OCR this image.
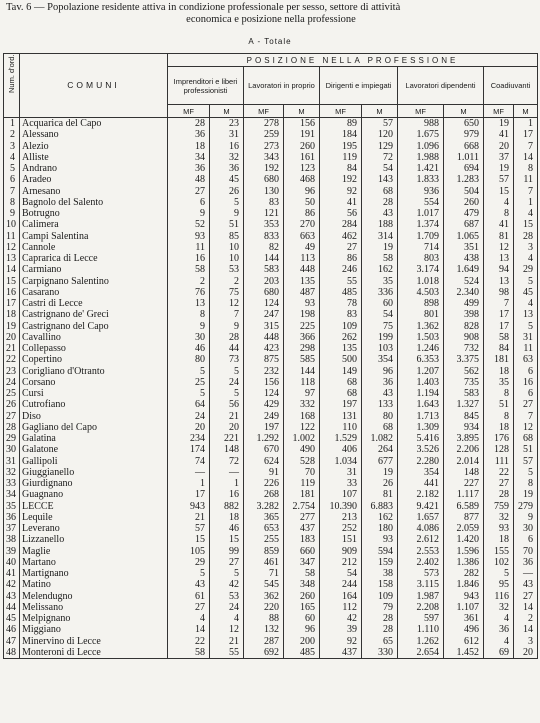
Tav. 6 — Popolazione residente attiva in condizione professionale per sesso, settore di attività
economica e posizione nella professione
A - Totale
Num. d'ord.	COMUNI	POSIZIONE NELLA PROFESSIONE									
		Imprenditori e liberi professionisti		Lavoratori in proprio		Dirigenti e impiegati		Lavoratori dipendenti		Coadiuvanti	
		MF	M	MF	M	MF	M	MF	M	MF	M
1	Acquarica del Capo	28	23	278	156	89	57	988	650	19	1
2	Alessano	36	31	259	191	184	120	1.675	979	41	17
3	Alezio	18	16	273	260	195	129	1.096	668	20	7
4	Alliste	34	32	343	161	119	72	1.988	1.011	37	14
5	Andrano	36	36	192	123	84	54	1.421	694	19	8
6	Aradeo	48	45	680	468	192	143	1.833	1.283	57	11
7	Arnesano	27	26	130	96	92	68	936	504	15	7
8	Bagnolo del Salento	6	5	83	50	41	28	554	260	4	1
9	Botrugno	9	9	121	86	56	43	1.017	479	8	4
10	Calimera	52	51	353	270	284	188	1.374	687	41	15
11	Campi Salentina	93	85	833	663	462	314	1.709	1.065	81	28
12	Cannole	11	10	82	49	27	19	714	351	12	3
13	Caprarica di Lecce	16	10	144	113	86	58	803	438	13	4
14	Carmiano	58	53	583	448	246	162	3.174	1.649	94	29
15	Carpignano Salentino	2	2	203	135	55	35	1.018	524	13	5
16	Casarano	76	75	680	487	485	336	4.503	2.340	98	45
17	Castri di Lecce	13	12	124	93	78	60	898	499	7	4
18	Castrignano de' Greci	8	7	247	198	83	54	801	398	17	13
19	Castrignano del Capo	9	9	315	225	109	75	1.362	828	17	5
20	Cavallino	30	28	448	366	262	199	1.503	908	58	31
21	Collepasso	46	44	423	298	135	103	1.246	732	84	11
22	Copertino	80	73	875	585	500	354	6.353	3.375	181	63
23	Corigliano d'Otranto	5	5	232	144	149	96	1.207	562	18	6
24	Corsano	25	24	156	118	68	36	1.403	735	35	16
25	Cursi	5	5	124	97	68	43	1.194	583	8	6
26	Cutrofiano	64	56	429	332	197	133	1.643	1.327	51	27
27	Diso	24	21	249	168	131	80	1.713	845	8	7
28	Gagliano del Capo	20	20	197	122	110	68	1.309	934	18	12
29	Galatina	234	221	1.292	1.002	1.529	1.082	5.416	3.895	176	68
30	Galatone	174	148	670	490	406	264	3.526	2.206	128	51
31	Gallipoli	74	72	624	528	1.034	677	2.280	2.014	111	57
32	Giuggianello	—	—	91	70	31	19	354	148	22	5
33	Giurdignano	1	1	226	119	33	26	441	227	27	8
34	Guagnano	17	16	268	181	107	81	2.182	1.117	28	19
35	LECCE	943	882	3.282	2.754	10.390	6.883	9.421	6.589	759	279
36	Lequile	21	18	365	277	213	162	1.657	877	32	9
37	Leverano	57	46	653	437	252	180	4.086	2.059	93	30
38	Lizzanello	15	15	255	183	151	93	2.612	1.420	18	6
39	Maglie	105	99	859	660	909	594	2.553	1.596	155	70
40	Martano	29	27	461	347	212	159	2.402	1.386	102	36
41	Martignano	5	5	71	58	54	38	573	282	5	—
42	Matino	43	42	545	348	244	158	3.115	1.846	95	43
43	Melendugno	61	53	362	260	164	109	1.987	943	116	27
44	Melissano	27	24	220	165	112	79	2.208	1.107	32	14
45	Melpignano	4	4	88	60	42	28	597	361	4	2
46	Miggiano	14	12	132	96	39	28	1.110	496	36	14
47	Minervino di Lecce	22	21	287	200	92	65	1.262	612	4	3
48	Monteroni di Lecce	58	55	692	485	437	330	2.654	1.452	69	20
